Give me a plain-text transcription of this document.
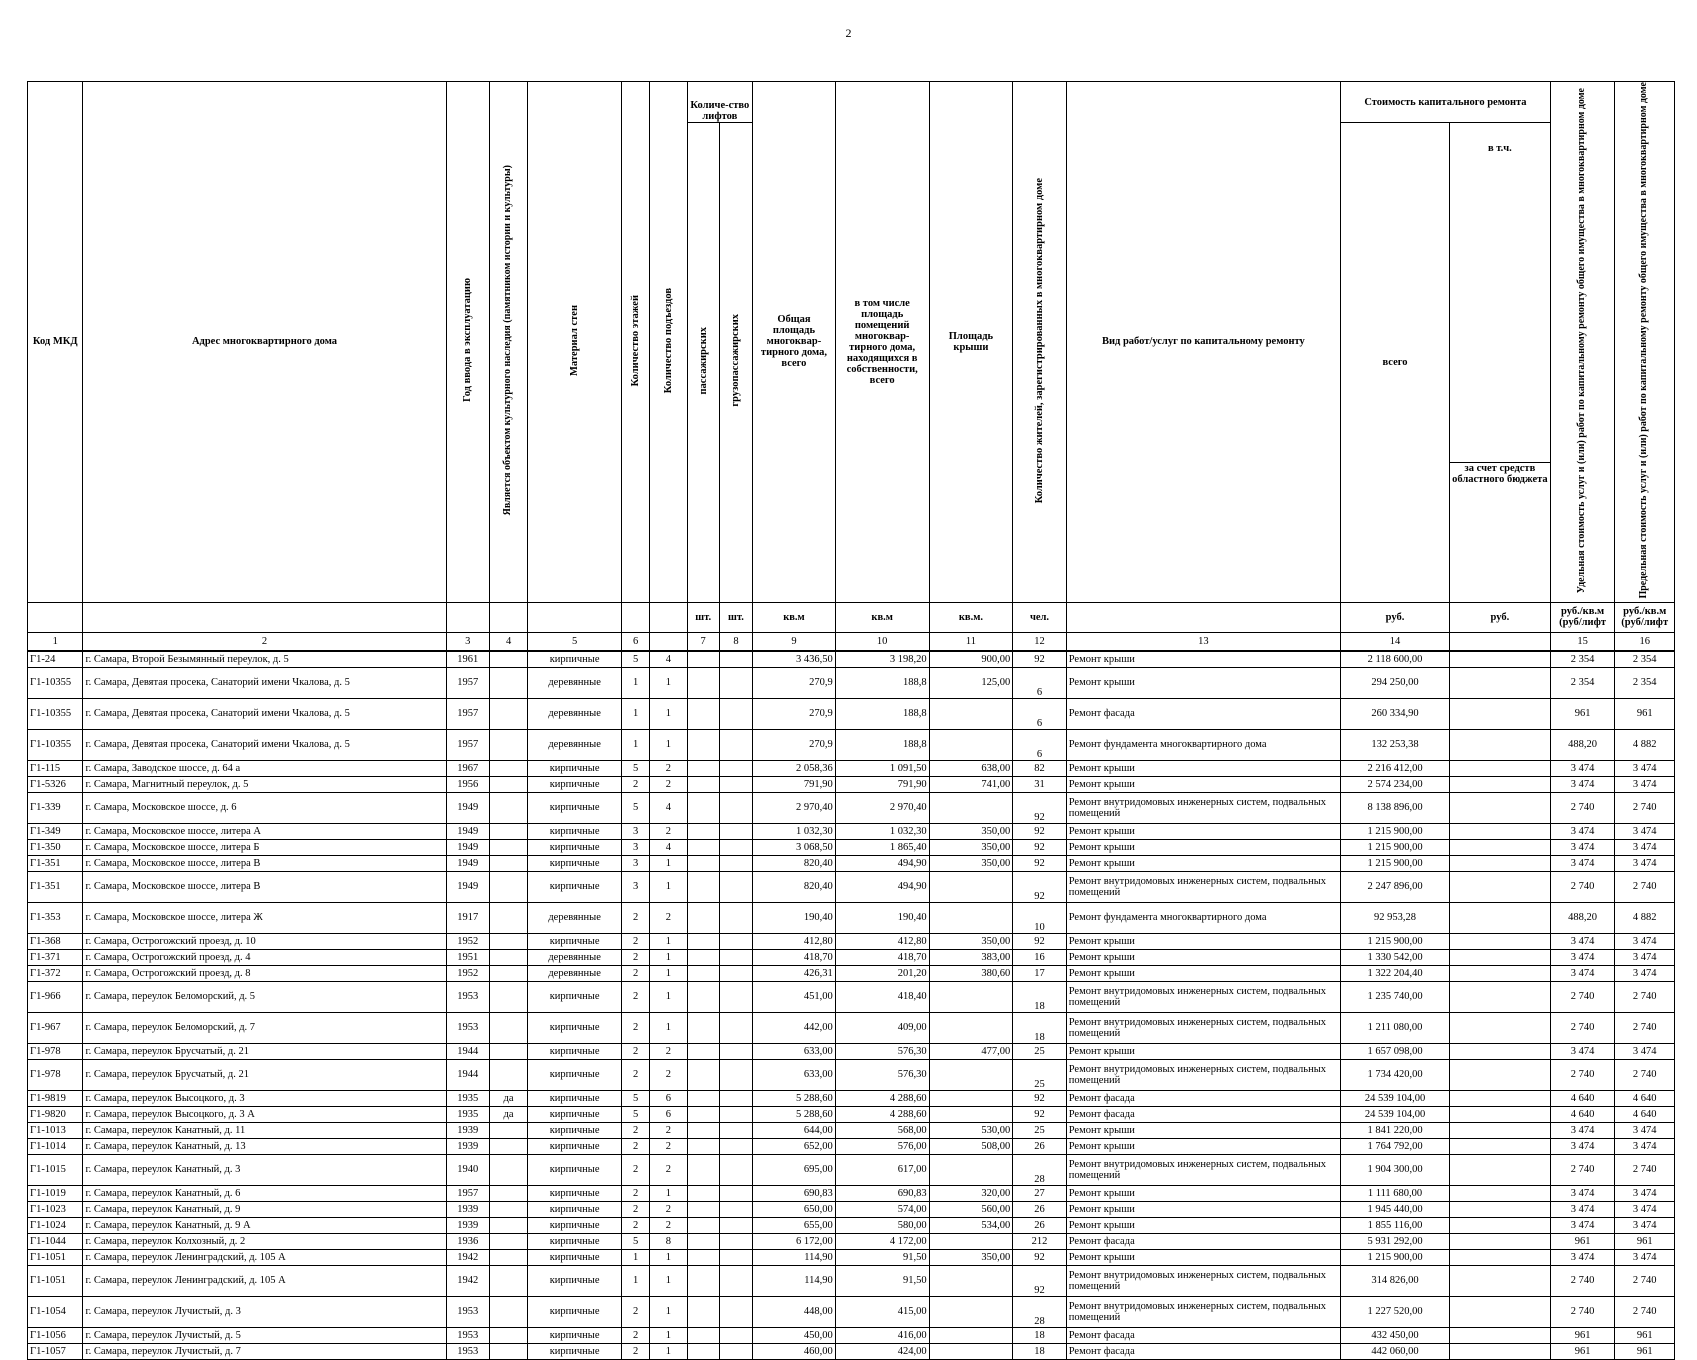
2
Код МКД	Адрес многоквартирного дома	Год ввода в эксплуатацию	Является объектом культурного наследия (памятником истории и культуры)	Материал стен	Количество этажей	Количество подъездов	Количе-ство лифтов		Общая площадь многоквар-тирного дома, всего	в том числе площадь помещений многоквар-тирного дома, находящихся в собственности, всего	Площадь крыши	Количество жителей, зарегистрированных в многоквартирном доме	Вид работ/услуг по капитальному ремонту	Стоимость капитального ремонта		Удельная стоимость услуг и (или) работ по капитальному ремонту общего имущества в многоквартирном доме	Предельная стоимость услуг и (или) работ по капитальному ремонту общего имущества в многоквартирном доме
							пассажирских	грузопассажирских						всего	в т.ч.		
															за счет средств областного бюджета		
							шт.	шт.	кв.м	кв.м	кв.м.	чел.		руб.	руб.	руб./кв.м (руб/лифт	руб./кв.м (руб/лифт
1	2	3	4	5	6		7	8	9	10	11	12	13	14		15	16
Г1-24	г. Самара, Второй Безымянный переулок, д. 5	1961		кирпичные	5	4			3 436,50	3 198,20	900,00	92	Ремонт крыши	2 118 600,00		2 354	2 354
Г1-10355	г. Самара, Девятая просека, Санаторий имени Чкалова, д. 5	1957		деревянные	1	1			270,9	188,8	125,00	6	Ремонт крыши	294 250,00		2 354	2 354
Г1-10355	г. Самара, Девятая просека, Санаторий имени Чкалова, д. 5	1957		деревянные	1	1			270,9	188,8		6	Ремонт фасада	260 334,90		961	961
Г1-10355	г. Самара, Девятая просека, Санаторий имени Чкалова, д. 5	1957		деревянные	1	1			270,9	188,8		6	Ремонт фундамента многоквартирного дома	132 253,38		488,20	4 882
Г1-115	г. Самара, Заводское шоссе, д. 64 а	1967		кирпичные	5	2			2 058,36	1 091,50	638,00	82	Ремонт крыши	2 216 412,00		3 474	3 474
Г1-5326	г. Самара, Магнитный переулок, д. 5	1956		кирпичные	2	2			791,90	791,90	741,00	31	Ремонт крыши	2 574 234,00		3 474	3 474
Г1-339	г. Самара, Московское шоссе, д. 6	1949		кирпичные	5	4			2 970,40	2 970,40		92	Ремонт внутридомовых инженерных систем, подвальных помещений	8 138 896,00		2 740	2 740
Г1-349	г. Самара, Московское шоссе, литера А	1949		кирпичные	3	2			1 032,30	1 032,30	350,00	92	Ремонт крыши	1 215 900,00		3 474	3 474
Г1-350	г. Самара, Московское шоссе, литера Б	1949		кирпичные	3	4			3 068,50	1 865,40	350,00	92	Ремонт крыши	1 215 900,00		3 474	3 474
Г1-351	г. Самара, Московское шоссе, литера В	1949		кирпичные	3	1			820,40	494,90	350,00	92	Ремонт крыши	1 215 900,00		3 474	3 474
Г1-351	г. Самара, Московское шоссе, литера В	1949		кирпичные	3	1			820,40	494,90		92	Ремонт внутридомовых инженерных систем, подвальных помещений	2 247 896,00		2 740	2 740
Г1-353	г. Самара, Московское шоссе, литера Ж	1917		деревянные	2	2			190,40	190,40		10	Ремонт фундамента многоквартирного дома	92 953,28		488,20	4 882
Г1-368	г. Самара, Острогожский проезд, д. 10	1952		кирпичные	2	1			412,80	412,80	350,00	92	Ремонт крыши	1 215 900,00		3 474	3 474
Г1-371	г. Самара, Острогожский проезд, д. 4	1951		деревянные	2	1			418,70	418,70	383,00	16	Ремонт крыши	1 330 542,00		3 474	3 474
Г1-372	г. Самара, Острогожский проезд, д. 8	1952		деревянные	2	1			426,31	201,20	380,60	17	Ремонт крыши	1 322 204,40		3 474	3 474
Г1-966	г. Самара, переулок Беломорский, д. 5	1953		кирпичные	2	1			451,00	418,40		18	Ремонт внутридомовых инженерных систем, подвальных помещений	1 235 740,00		2 740	2 740
Г1-967	г. Самара, переулок Беломорский, д. 7	1953		кирпичные	2	1			442,00	409,00		18	Ремонт внутридомовых инженерных систем, подвальных помещений	1 211 080,00		2 740	2 740
Г1-978	г. Самара, переулок Брусчатый, д. 21	1944		кирпичные	2	2			633,00	576,30	477,00	25	Ремонт крыши	1 657 098,00		3 474	3 474
Г1-978	г. Самара, переулок Брусчатый, д. 21	1944		кирпичные	2	2			633,00	576,30		25	Ремонт внутридомовых инженерных систем, подвальных помещений	1 734 420,00		2 740	2 740
Г1-9819	г. Самара, переулок Высоцкого, д. 3	1935	да	кирпичные	5	6			5 288,60	4 288,60		92	Ремонт фасада	24 539 104,00		4 640	4 640
Г1-9820	г. Самара, переулок Высоцкого, д. 3 А	1935	да	кирпичные	5	6			5 288,60	4 288,60		92	Ремонт фасада	24 539 104,00		4 640	4 640
Г1-1013	г. Самара, переулок Канатный, д. 11	1939		кирпичные	2	2			644,00	568,00	530,00	25	Ремонт крыши	1 841 220,00		3 474	3 474
Г1-1014	г. Самара, переулок Канатный, д. 13	1939		кирпичные	2	2			652,00	576,00	508,00	26	Ремонт крыши	1 764 792,00		3 474	3 474
Г1-1015	г. Самара, переулок Канатный, д. 3	1940		кирпичные	2	2			695,00	617,00		28	Ремонт внутридомовых инженерных систем, подвальных помещений	1 904 300,00		2 740	2 740
Г1-1019	г. Самара, переулок Канатный, д. 6	1957		кирпичные	2	1			690,83	690,83	320,00	27	Ремонт крыши	1 111 680,00		3 474	3 474
Г1-1023	г. Самара, переулок Канатный, д. 9	1939		кирпичные	2	2			650,00	574,00	560,00	26	Ремонт крыши	1 945 440,00		3 474	3 474
Г1-1024	г. Самара, переулок Канатный, д. 9 А	1939		кирпичные	2	2			655,00	580,00	534,00	26	Ремонт крыши	1 855 116,00		3 474	3 474
Г1-1044	г. Самара, переулок Колхозный, д. 2	1936		кирпичные	5	8			6 172,00	4 172,00		212	Ремонт фасада	5 931 292,00		961	961
Г1-1051	г. Самара, переулок Ленинградский, д. 105 А	1942		кирпичные	1	1			114,90	91,50	350,00	92	Ремонт крыши	1 215 900,00		3 474	3 474
Г1-1051	г. Самара, переулок Ленинградский, д. 105 А	1942		кирпичные	1	1			114,90	91,50		92	Ремонт внутридомовых инженерных систем, подвальных помещений	314 826,00		2 740	2 740
Г1-1054	г. Самара, переулок Лучистый, д. 3	1953		кирпичные	2	1			448,00	415,00		28	Ремонт внутридомовых инженерных систем, подвальных помещений	1 227 520,00		2 740	2 740
Г1-1056	г. Самара, переулок Лучистый, д. 5	1953		кирпичные	2	1			450,00	416,00		18	Ремонт фасада	432 450,00		961	961
Г1-1057	г. Самара, переулок Лучистый, д. 7	1953		кирпичные	2	1			460,00	424,00		18	Ремонт фасада	442 060,00		961	961
